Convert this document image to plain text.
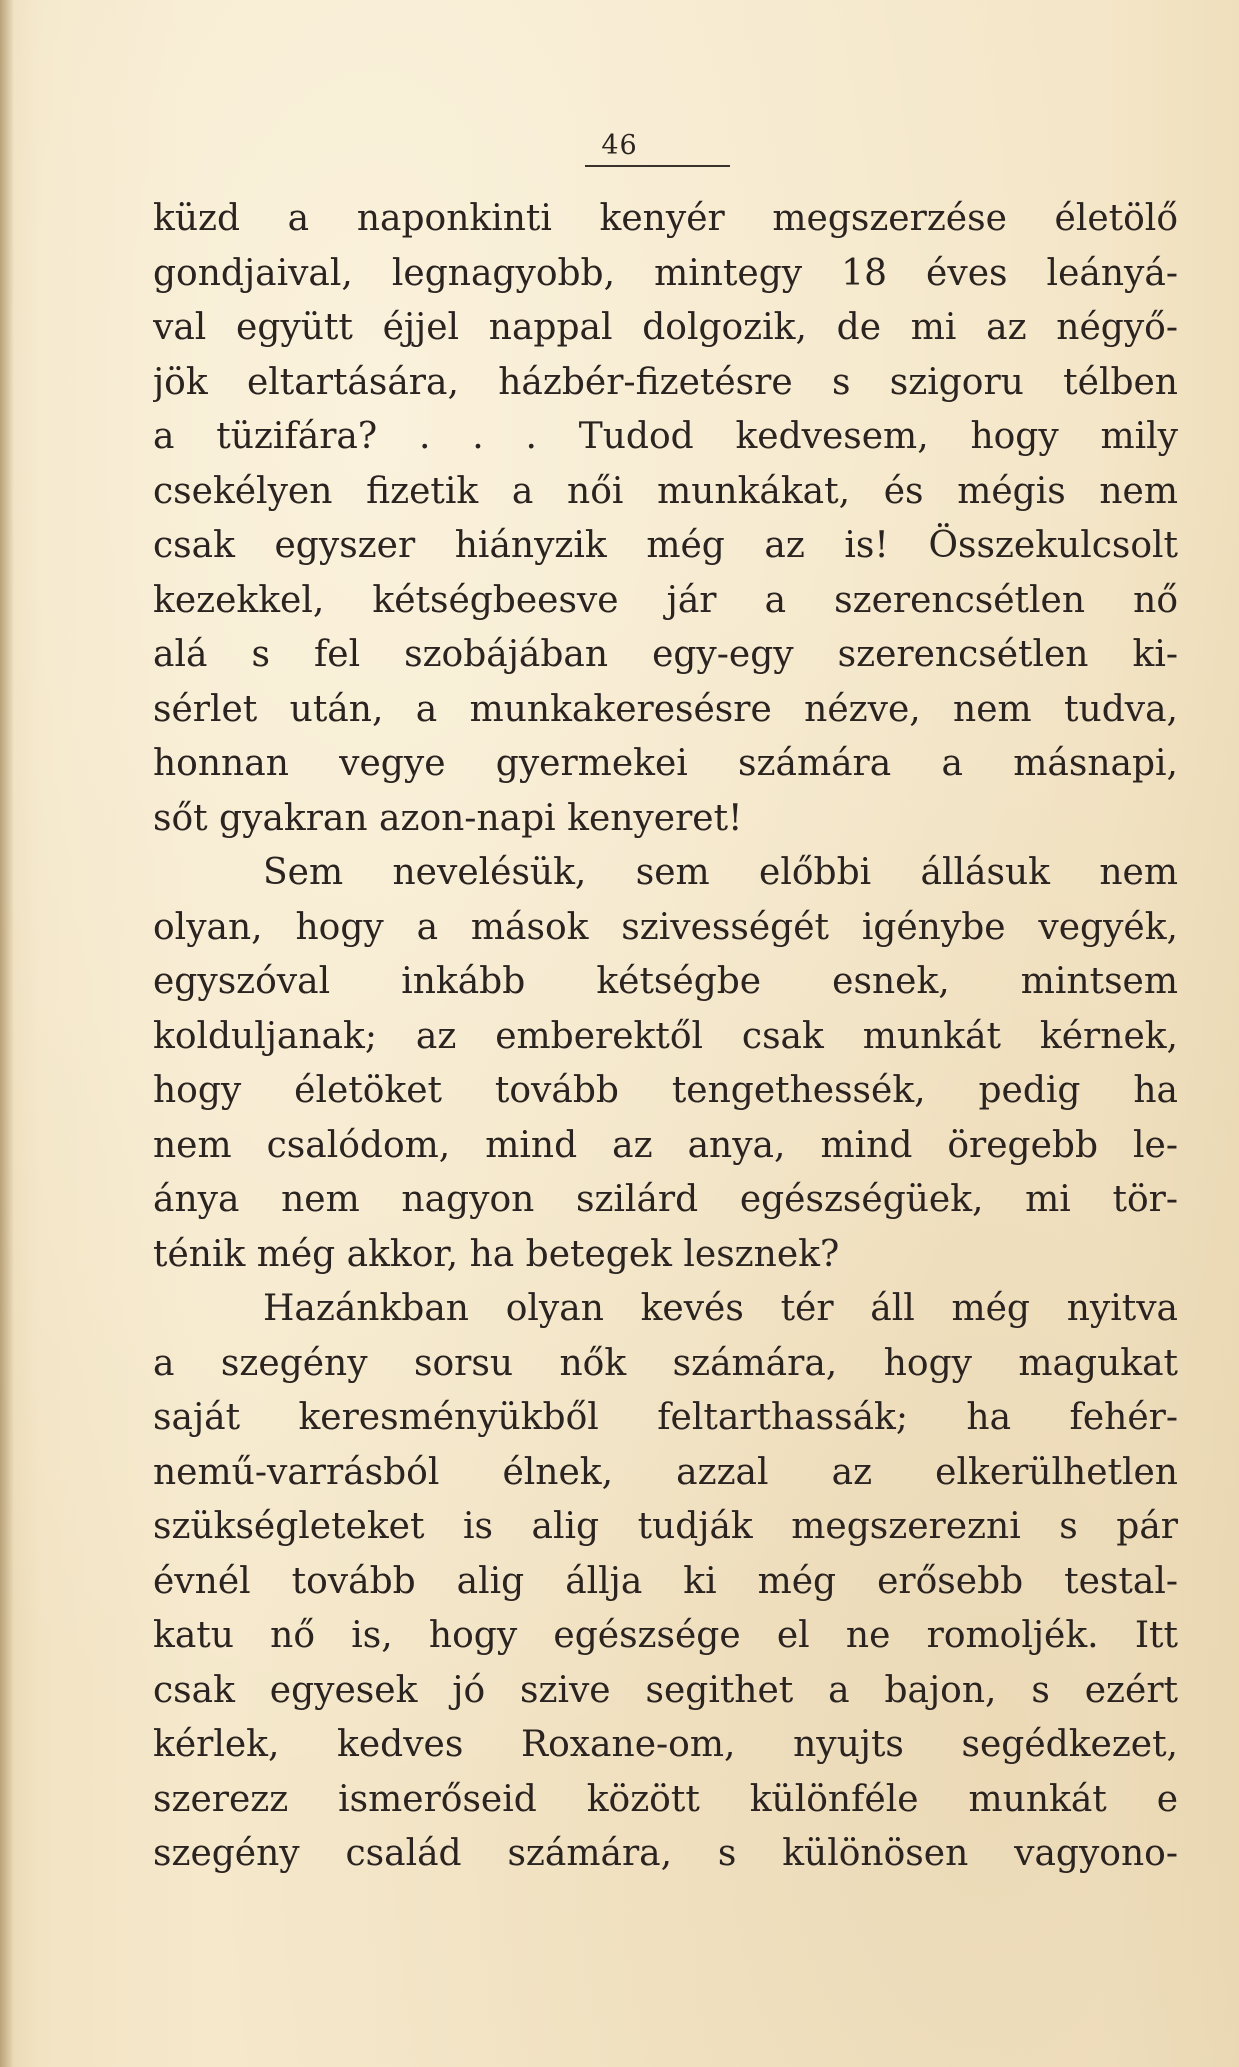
46
küzd a naponkinti kenyér megszerzése életölő
gondjaival, legnagyobb, mintegy 18 éves leányá-
val együtt éjjel nappal dolgozik, de mi az négyő-
jök eltartására, házbér-fizetésre s szigoru télben
a tüzifára? . . . Tudod kedvesem, hogy mily
csekélyen fizetik a női munkákat, és mégis nem
csak egyszer hiányzik még az is! Összekulcsolt
kezekkel, kétségbeesve jár a szerencsétlen nő
alá s fel szobájában egy-egy szerencsétlen ki-
sérlet után, a munkakeresésre nézve, nem tudva,
honnan vegye gyermekei számára a másnapi,
sőt gyakran azon-napi kenyeret!
Sem nevelésük, sem előbbi állásuk nem
olyan, hogy a mások szivességét igénybe vegyék,
egyszóval inkább kétségbe esnek, mintsem
kolduljanak; az emberektől csak munkát kérnek,
hogy életöket tovább tengethessék, pedig ha
nem csalódom, mind az anya, mind öregebb le-
ánya nem nagyon szilárd egészségüek, mi tör-
ténik még akkor, ha betegek lesznek?
Hazánkban olyan kevés tér áll még nyitva
a szegény sorsu nők számára, hogy magukat
saját keresményükből feltarthassák; ha fehér-
nemű-varrásból élnek, azzal az elkerülhetlen
szükségleteket is alig tudják megszerezni s pár
évnél tovább alig állja ki még erősebb testal-
katu nő is, hogy egészsége el ne romoljék. Itt
csak egyesek jó szive segithet a bajon, s ezért
kérlek, kedves Roxane-om, nyujts segédkezet,
szerezz ismerőseid között különféle munkát e
szegény család számára, s különösen vagyono-
